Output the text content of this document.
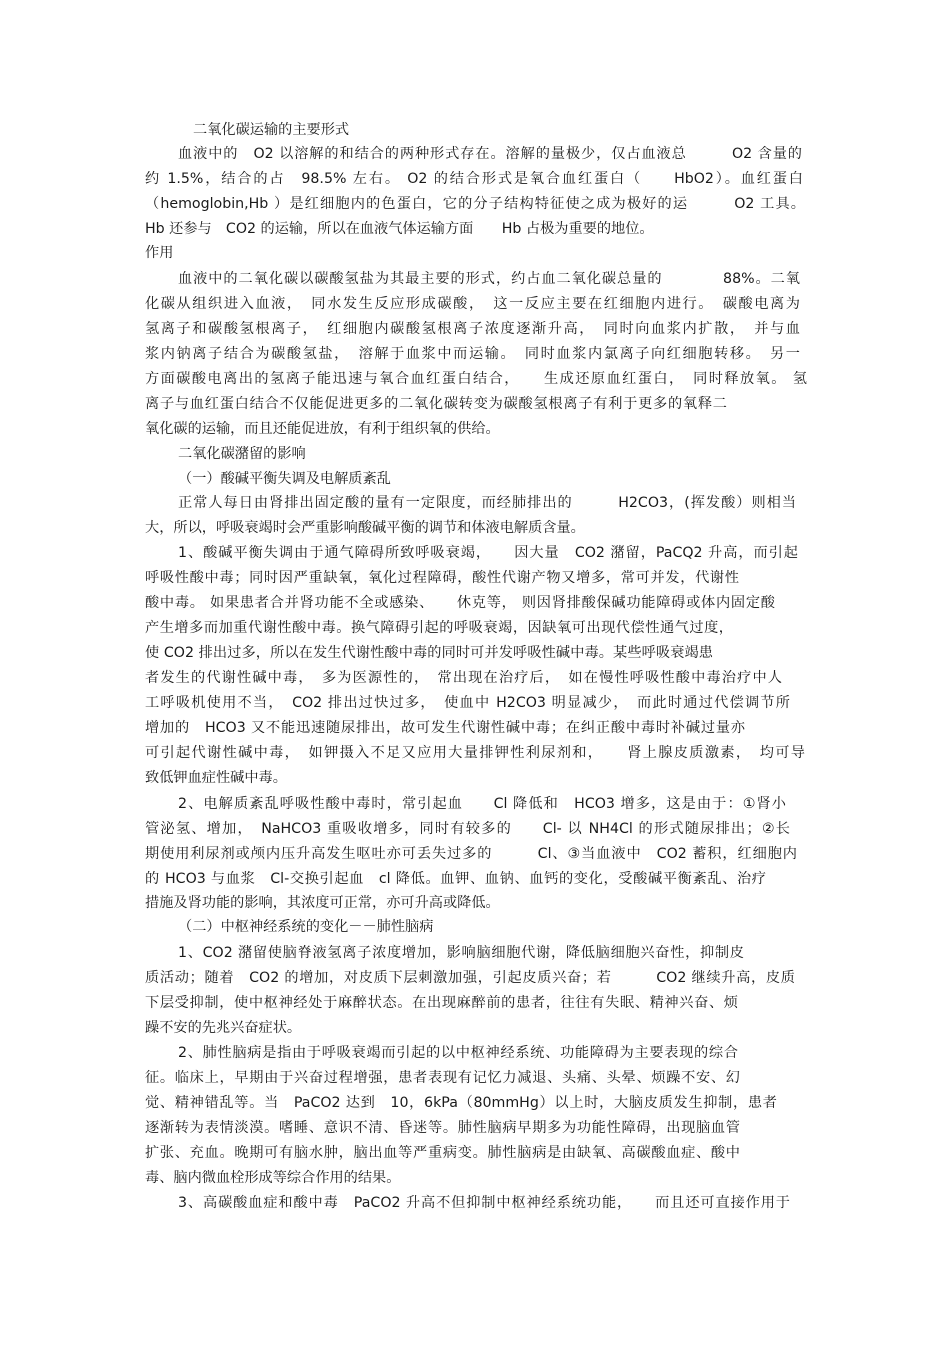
二氧化碳运输的主要形式
血液中的　O2 以溶解的和结合的两种形式存在。溶解的量极少，仅占血液总　　　O2 含量的
约 1.5%，结合的占　98.5% 左右。 O2 的结合形式是氧合血红蛋白（　　HbO2）。血红蛋白
（hemoglobin,Hb ）是红细胞内的色蛋白，它的分子结构特征使之成为极好的运　　　O2 工具。
Hb 还参与　CO2 的运输，所以在血液气体运输方面　　Hb 占极为重要的地位。
作用
血液中的二氧化碳以碳酸氢盐为其最主要的形式，约占血二氧化碳总量的　　　　88%。二氧
化碳从组织进入血液，　同水发生反应形成碳酸，　这一反应主要在红细胞内进行。　碳酸电离为
氢离子和碳酸氢根离子，　红细胞内碳酸氢根离子浓度逐渐升高，　同时向血浆内扩散，　并与血
浆内钠离子结合为碳酸氢盐，　溶解于血浆中而运输。　同时血浆内氯离子向红细胞转移。　另一
方面碳酸电离出的氢离子能迅速与氧合血红蛋白结合，　　生成还原血红蛋白，　同时释放氧。 氢
离子与血红蛋白结合不仅能促进更多的二氧化碳转变为碳酸氢根离子有利于更多的氧释二
氧化碳的运输，而且还能促进放，有利于组织氧的供给。
二氧化碳潴留的影响
（一）酸碱平衡失调及电解质紊乱
正常人每日由肾排出固定酸的量有一定限度，而经肺排出的　　　H2CO3，(挥发酸）则相当
大，所以，呼吸衰竭时会严重影响酸碱平衡的调节和体液电解质含量。
1、酸碱平衡失调由于通气障碍所致呼吸衰竭，　　因大量　CO2 潴留，PaCQ2 升高，而引起
呼吸性酸中毒；同时因严重缺氧，氧化过程障碍，酸性代谢产物又增多，常可并发，代谢性
酸中毒。 如果患者合并肾功能不全或感染、　　休克等， 则因肾排酸保碱功能障碍或体内固定酸
产生增多而加重代谢性酸中毒。换气障碍引起的呼吸衰竭，因缺氧可出现代偿性通气过度，
使 CO2 排出过多，所以在发生代谢性酸中毒的同时可并发呼吸性碱中毒。某些呼吸衰竭患
者发生的代谢性碱中毒，　多为医源性的，　常出现在治疗后，　如在慢性呼吸性酸中毒治疗中人
工呼吸机使用不当，　CO2 排出过快过多，　使血中 H2CO3 明显减少，　而此时通过代偿调节所
增加的　HCO3 又不能迅速随尿排出，故可发生代谢性碱中毒；在纠正酸中毒时补碱过量亦
可引起代谢性碱中毒，　如钾摄入不足又应用大量排钾性利尿剂和，　　肾上腺皮质激素，　均可导
致低钾血症性碱中毒。
2、电解质紊乱呼吸性酸中毒时，常引起血　　Cl 降低和　HCO3 增多，这是由于：①肾小
管泌氢、增加，　NaHCO3 重吸收增多，同时有较多的　　Cl- 以 NH4Cl 的形式随尿排出；②长
期使用利尿剂或颅内压升高发生呕吐亦可丢失过多的　　　Cl、③当血液中　CO2 蓄积，红细胞内
的 HCO3 与血浆　Cl-交换引起血　cl 降低。血钾、血钠、血钙的变化，受酸碱平衡紊乱、治疗
措施及肾功能的影响，其浓度可正常，亦可升高或降低。
（二）中枢神经系统的变化－－肺性脑病
1、CO2 潴留使脑脊液氢离子浓度增加，影响脑细胞代谢，降低脑细胞兴奋性，抑制皮
质活动；随着　CO2 的增加，对皮质下层刺激加强，引起皮质兴奋；若　　　CO2 继续升高，皮质
下层受抑制，使中枢神经处于麻醉状态。在出现麻醉前的患者，往往有失眠、精神兴奋、烦
躁不安的先兆兴奋症状。
2、肺性脑病是指由于呼吸衰竭而引起的以中枢神经系统、功能障碍为主要表现的综合
征。临床上，早期由于兴奋过程增强，患者表现有记忆力减退、头痛、头晕、烦躁不安、幻
觉、精神错乱等。当　PaCO2 达到　10，6kPa（80mmHg）以上时，大脑皮质发生抑制，患者
逐渐转为表情淡漠。嗜睡、意识不清、昏迷等。肺性脑病早期多为功能性障碍，出现脑血管
扩张、充血。晚期可有脑水肿，脑出血等严重病变。肺性脑病是由缺氧、高碳酸血症、酸中
毒、脑内微血栓形成等综合作用的结果。
3、高碳酸血症和酸中毒　PaCO2 升高不但抑制中枢神经系统功能，　　而且还可直接作用于
